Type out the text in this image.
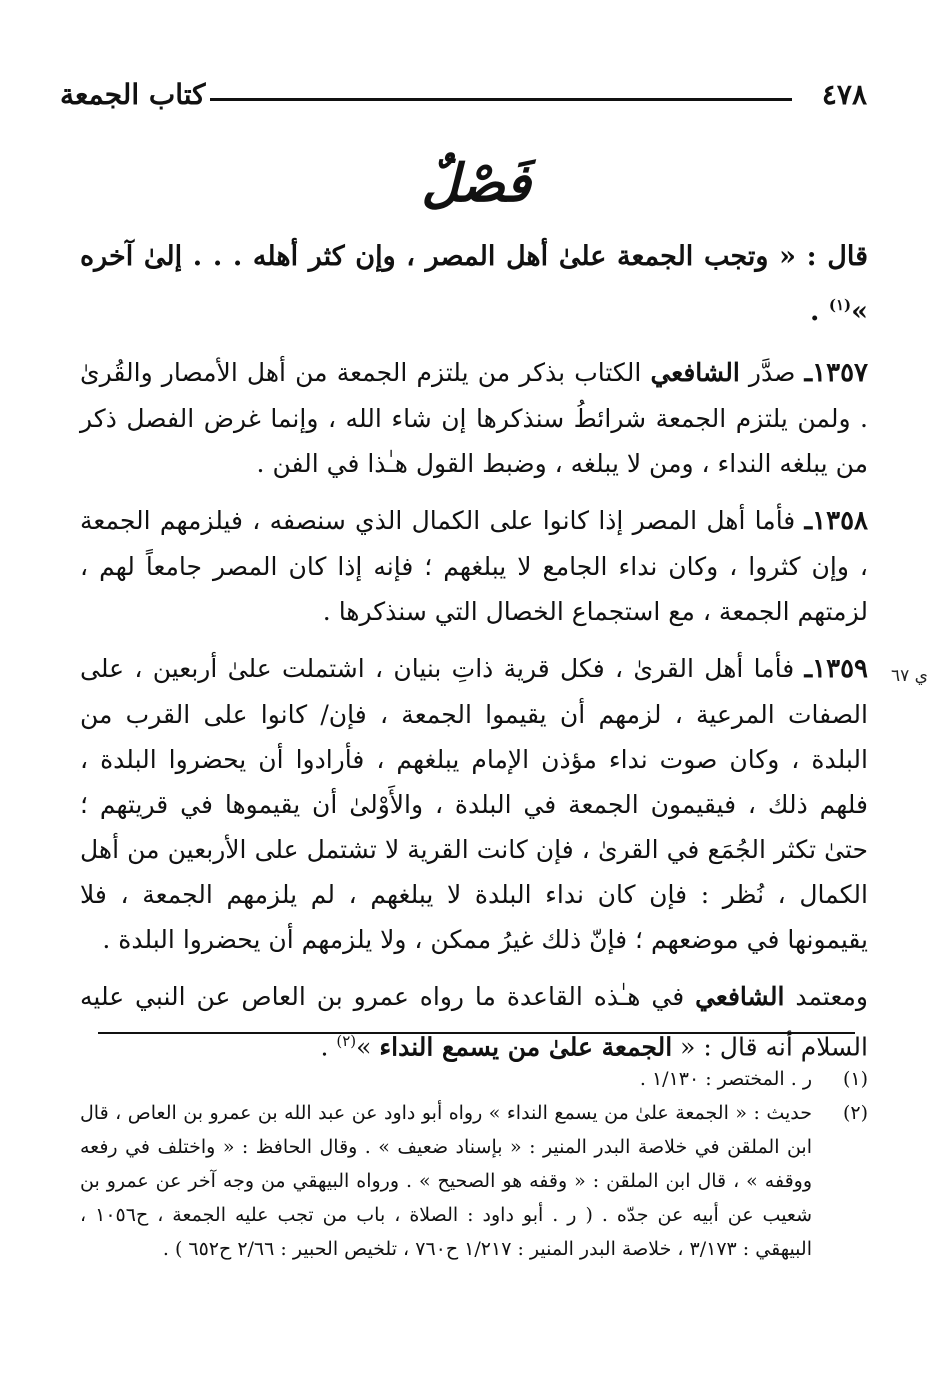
٤٧٨
كتاب الجمعة
فَصْلٌ

قال : « وتجب الجمعة علىٰ أهل المصر ، وإن كثر أهله . . . إلىٰ آخره »$^{(١)}$ .

١٣٥٧ـ صدَّر الشافعي الكتاب بذكر من يلتزم الجمعة من أهل الأمصار والقُرىٰ . ولمن يلتزم الجمعة شرائطُ سنذكرها إن شاء الله ، وإنما غرض الفصل ذكر من يبلغه النداء ، ومن لا يبلغه ، وضبط القول هـٰذا في الفن .

١٣٥٨ـ فأما أهل المصر إذا كانوا على الكمال الذي سنصفه ، فيلزمهم الجمعة ، وإن كثروا ، وكان نداء الجامع لا يبلغهم ؛ فإنه إذا كان المصر جامعاً لهم ، لزمتهم الجمعة ، مع استجماع الخصال التي سنذكرها .

١٣٥٩ـ فأما أهل القرىٰ ، فكل قرية ذاتِ بنيان ، اشتملت علىٰ أربعين ، على الصفات المرعية ، لزمهم أن يقيموا الجمعة ، فإن/ كانوا على القرب من البلدة ، وكان صوت نداء مؤذن الإمام يبلغهم ، فأرادوا أن يحضروا البلدة ، فلهم ذلك ، فيقيمون الجمعة في البلدة ، والأَوْلىٰ أن يقيموها في قريتهم ؛ حتىٰ تكثر الجُمَع في القرىٰ ، فإن كانت القرية لا تشتمل على الأربعين من أهل الكمال ، نُظر : فإن كان نداء البلدة لا يبلغهم ، لم يلزمهم الجمعة ، فلا يقيمونها في موضعهم ؛ فإنّ ذلك غيرُ ممكن ، ولا يلزمهم أن يحضروا البلدة .

ومعتمد الشافعي في هـٰذه القاعدة ما رواه عمرو بن العاص عن النبي عليه السلام أنه قال : « الجمعة علىٰ من يسمع النداء »$^{(٢)}$ .

ي ٦٧

(١)
ر . المختصر : ١/١٣٠ .

(٢)
حديث : « الجمعة علىٰ من يسمع النداء » رواه أبو داود عن عبد الله بن عمرو بن العاص ، قال ابن الملقن في خلاصة البدر المنير : « بإسناد ضعيف » . وقال الحافظ : « واختلف في رفعه ووقفه » ، قال ابن الملقن : « وقفه هو الصحيح » . ورواه البيهقي من وجه آخر عن عمرو بن شعيب عن أبيه عن جدّه . ( ر . أبو داود : الصلاة ، باب من تجب عليه الجمعة ، ح١٠٥٦ ، البيهقي : ٣/١٧٣ ، خلاصة البدر المنير : ١/٢١٧ ح٧٦٠ ، تلخيص الحبير : ٢/٦٦ ح٦٥٢ ) .
